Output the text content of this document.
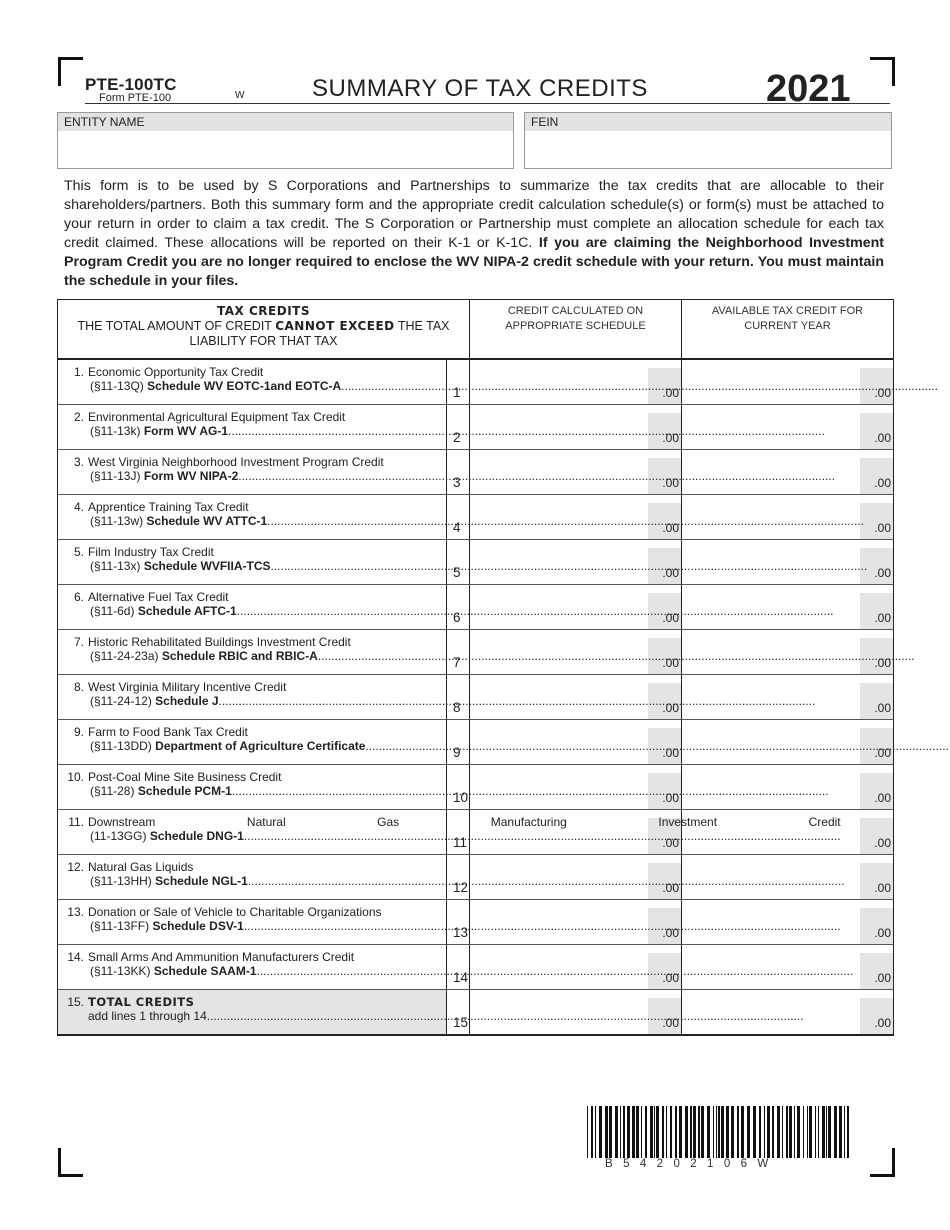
PTE-100TC
Form PTE-100	W	SUMMARY OF TAX CREDITS	2021
ENTITY NAME	FEIN
This form is to be used by S Corporations and Partnerships to summarize the tax credits that are allocable to their shareholders/partners. Both this summary form and the appropriate credit calculation schedule(s) or form(s) must be attached to your return in order to claim a tax credit. The S Corporation or Partnership must complete an allocation schedule for each tax credit claimed. These allocations will be reported on their K-1 or K-1C. If you are claiming the Neighborhood Investment Program Credit you are no longer required to enclose the WV NIPA-2 credit schedule with your return. You must maintain the schedule in your files.
TAX CREDITS
THE TOTAL AMOUNT OF CREDIT CANNOT EXCEED THE TAX LIABILITY FOR THAT TAX		CREDIT CALCULATED ON APPROPRIATE SCHEDULE	AVAILABLE TAX CREDIT FOR CURRENT YEAR

1. Economic Opportunity Tax Credit
(§11-13Q)
Schedule WV EOTC-1and EOTC-A
.....	1	.00	.00

2. Environmental Agricultural Equipment Tax Credit
(§11-13k)
Form WV AG-1
.....	2	.00	.00

3. West Virginia Neighborhood Investment Program Credit
(§11-13J)
Form WV NIPA-2
.....	3	.00	.00

4. Apprentice Training Tax Credit
(§11-13w)
Schedule WV ATTC-1
.....	4	.00	.00

5. Film Industry Tax Credit
(§11-13x)
Schedule WVFIIA-TCS
.....	5	.00	.00

6. Alternative Fuel Tax Credit
(§11-6d)
Schedule AFTC-1
.....	6	.00	.00

7. Historic Rehabilitated Buildings Investment Credit
(§11-24-23a)
Schedule RBIC and RBIC-A
.....	7	.00	.00

8. West Virginia Military Incentive Credit
(§11-24-12)
Schedule J
.....	8	.00	.00

9. Farm to Food Bank Tax Credit
(§11-13DD)
Department of Agriculture Certificate
.....	9	.00	.00

10. Post-Coal Mine Site Business Credit
(§11-28)
Schedule PCM-1
.....	10	.00	.00

11. Downstream Natural Gas Manufacturing Investment Credit
(11-13GG)
Schedule DNG-1
.....	11	.00	.00

12. Natural Gas Liquids
(§11-13HH)
Schedule NGL-1
.....	12	.00	.00

13. Donation or Sale of Vehicle to Charitable Organizations
(§11-13FF)
Schedule DSV-1
.....	13	.00	.00

14. Small Arms And Ammunition Manufacturers Credit
(§11-13KK)
Schedule SAAM-1
.....	14	.00	.00

15. TOTAL CREDITS
add lines 1 through 14
.....	15	.00	.00
B54202106W
